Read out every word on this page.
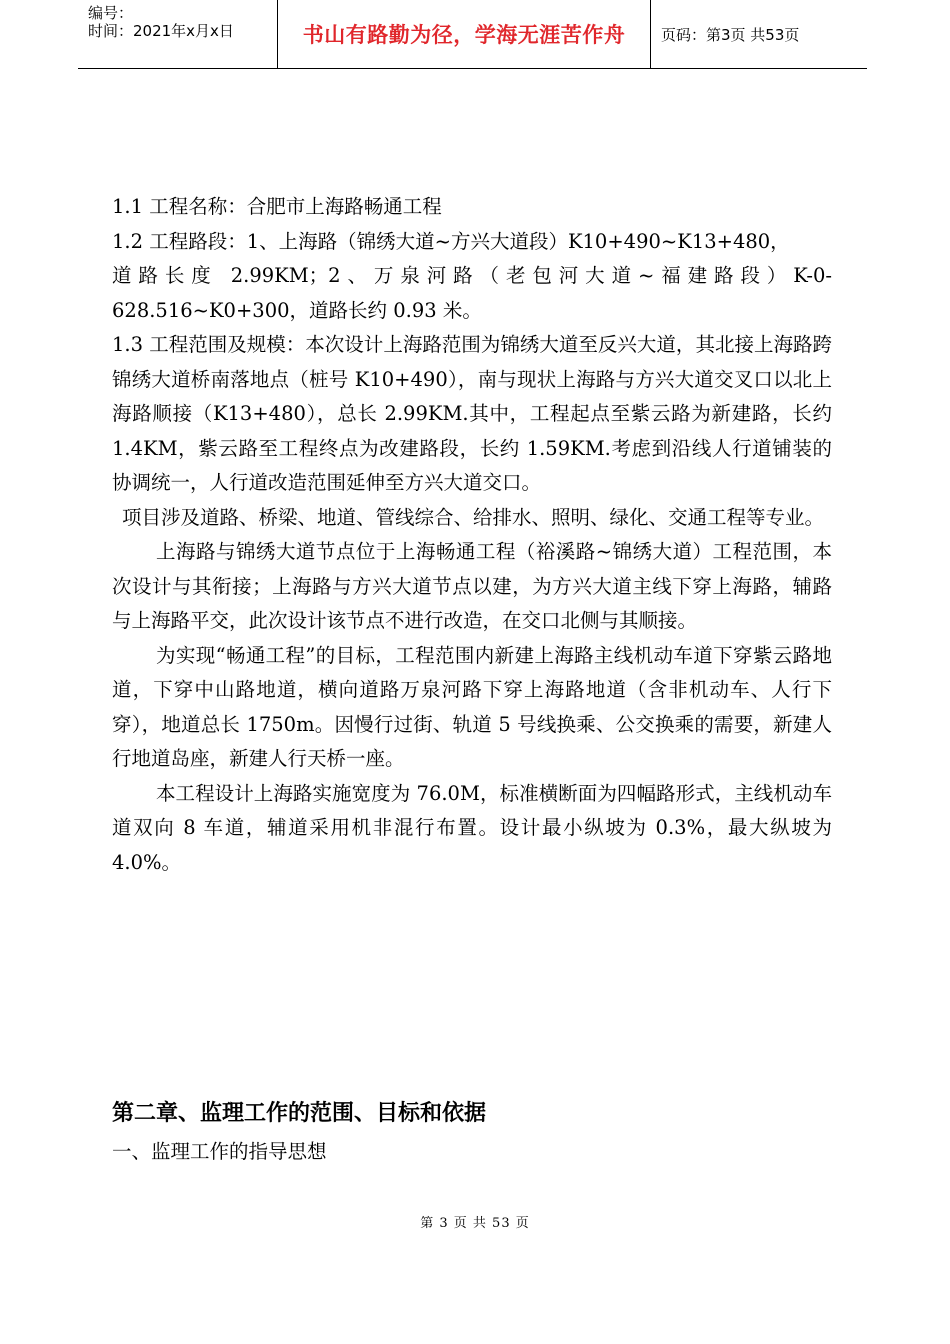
编号：
时间：2021年x月x日	书山有路勤为径，学海无涯苦作舟	页码：第3页 共53页

1.1 工程名称：合肥市上海路畅通工程

1.2 工程路段：1、上海路（锦绣大道~方兴大道段）K10+490~K13+480，

道路长度 2.99KM；2、万泉河路（老包河大道~福建路段）K-0-

628.516~K0+300，道路长约 0.93 米。

1.3 工程范围及规模：本次设计上海路范围为锦绣大道至反兴大道，其北接上海路跨锦绣大道桥南落地点（桩号 K10+490），南与现状上海路与方兴大道交叉口以北上海路顺接（K13+480），总长 2.99KM.其中，工程起点至紫云路为新建路，长约 1.4KM，紫云路至工程终点为改建路段，长约 1.59KM.考虑到沿线人行道铺装的协调统一，人行道改造范围延伸至方兴大道交口。

项目涉及道路、桥梁、地道、管线综合、给排水、照明、绿化、交通工程等专业。

上海路与锦绣大道节点位于上海畅通工程（裕溪路~锦绣大道）工程范围，本次设计与其衔接；上海路与方兴大道节点以建，为方兴大道主线下穿上海路，辅路与上海路平交，此次设计该节点不进行改造，在交口北侧与其顺接。

为实现“畅通工程”的目标，工程范围内新建上海路主线机动车道下穿紫云路地道，下穿中山路地道，横向道路万泉河路下穿上海路地道（含非机动车、人行下穿），地道总长 1750m。因慢行过街、轨道 5 号线换乘、公交换乘的需要，新建人行地道岛座，新建人行天桥一座。

本工程设计上海路实施宽度为 76.0M，标准横断面为四幅路形式，主线机动车道双向 8 车道，辅道采用机非混行布置。设计最小纵坡为 0.3%，最大纵坡为 4.0%。

第二章、监理工作的范围、目标和依据
一、监理工作的指导思想
第 3 页 共 53 页
